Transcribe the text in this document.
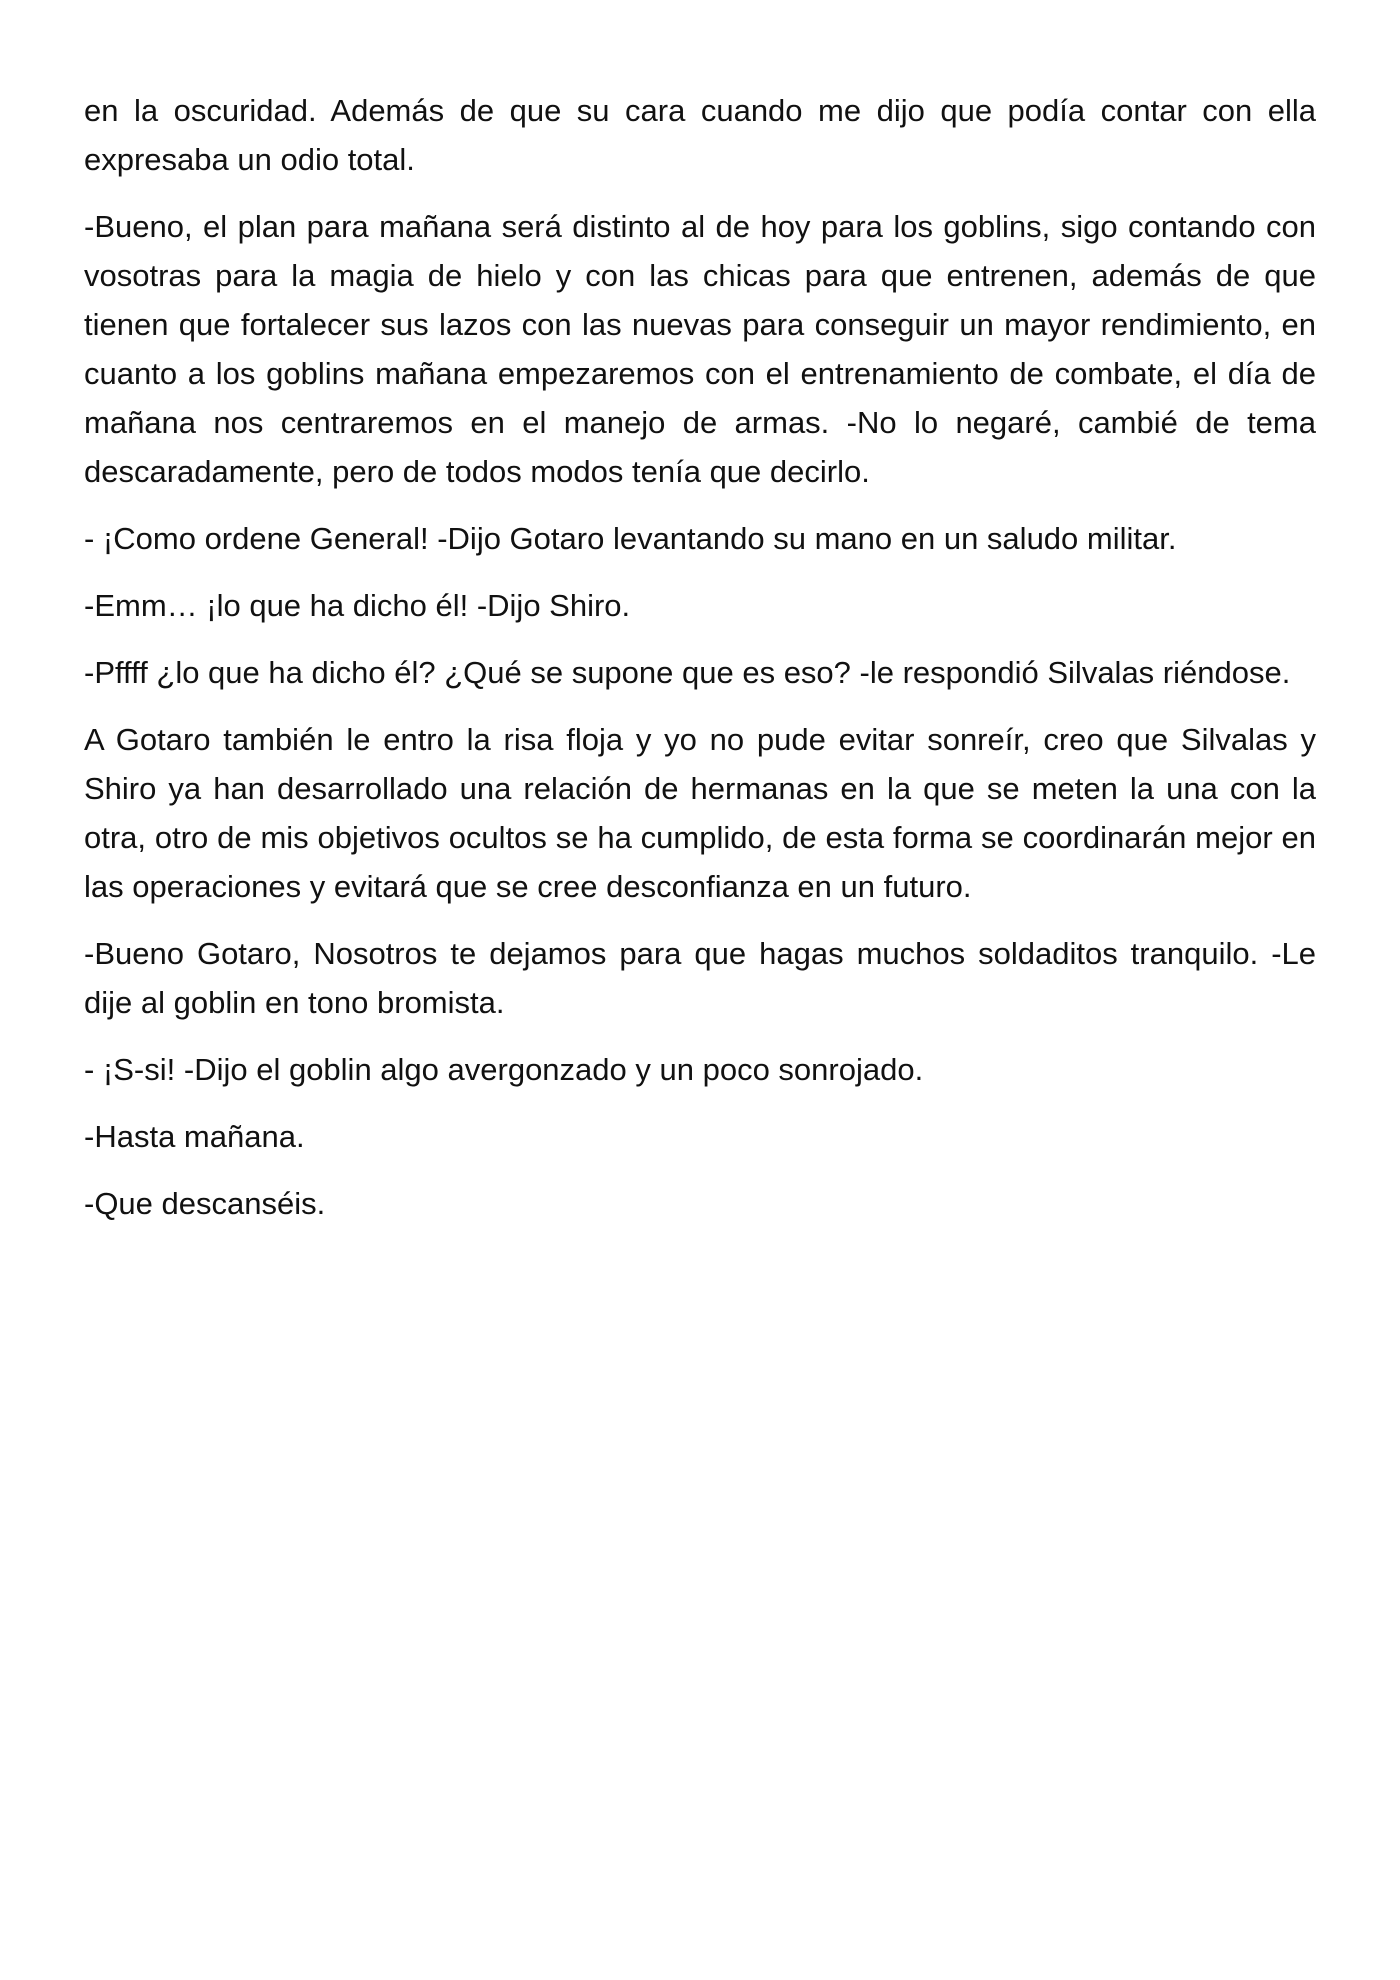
en la oscuridad. Además de que su cara cuando me dijo que podía contar con ella expresaba un odio total.

-Bueno, el plan para mañana será distinto al de hoy para los goblins, sigo contando con vosotras para la magia de hielo y con las chicas para que entrenen, además de que tienen que fortalecer sus lazos con las nuevas para conseguir un mayor rendimiento, en cuanto a los goblins mañana empezaremos con el entrenamiento de combate, el día de mañana nos centraremos en el manejo de armas. -No lo negaré, cambié de tema descaradamente, pero de todos modos tenía que decirlo.

- ¡Como ordene General! -Dijo Gotaro levantando su mano en un saludo militar.

-Emm… ¡lo que ha dicho él! -Dijo Shiro.

-Pffff ¿lo que ha dicho él? ¿Qué se supone que es eso? -le respondió Silvalas riéndose.

A Gotaro también le entro la risa floja y yo no pude evitar sonreír, creo que Silvalas y Shiro ya han desarrollado una relación de hermanas en la que se meten la una con la otra, otro de mis objetivos ocultos se ha cumplido, de esta forma se coordinarán mejor en las operaciones y evitará que se cree desconfianza en un futuro.

-Bueno Gotaro, Nosotros te dejamos para que hagas muchos soldaditos tranquilo. -Le dije al goblin en tono bromista.

- ¡S-si! -Dijo el goblin algo avergonzado y un poco sonrojado.

-Hasta mañana.

-Que descanséis.
